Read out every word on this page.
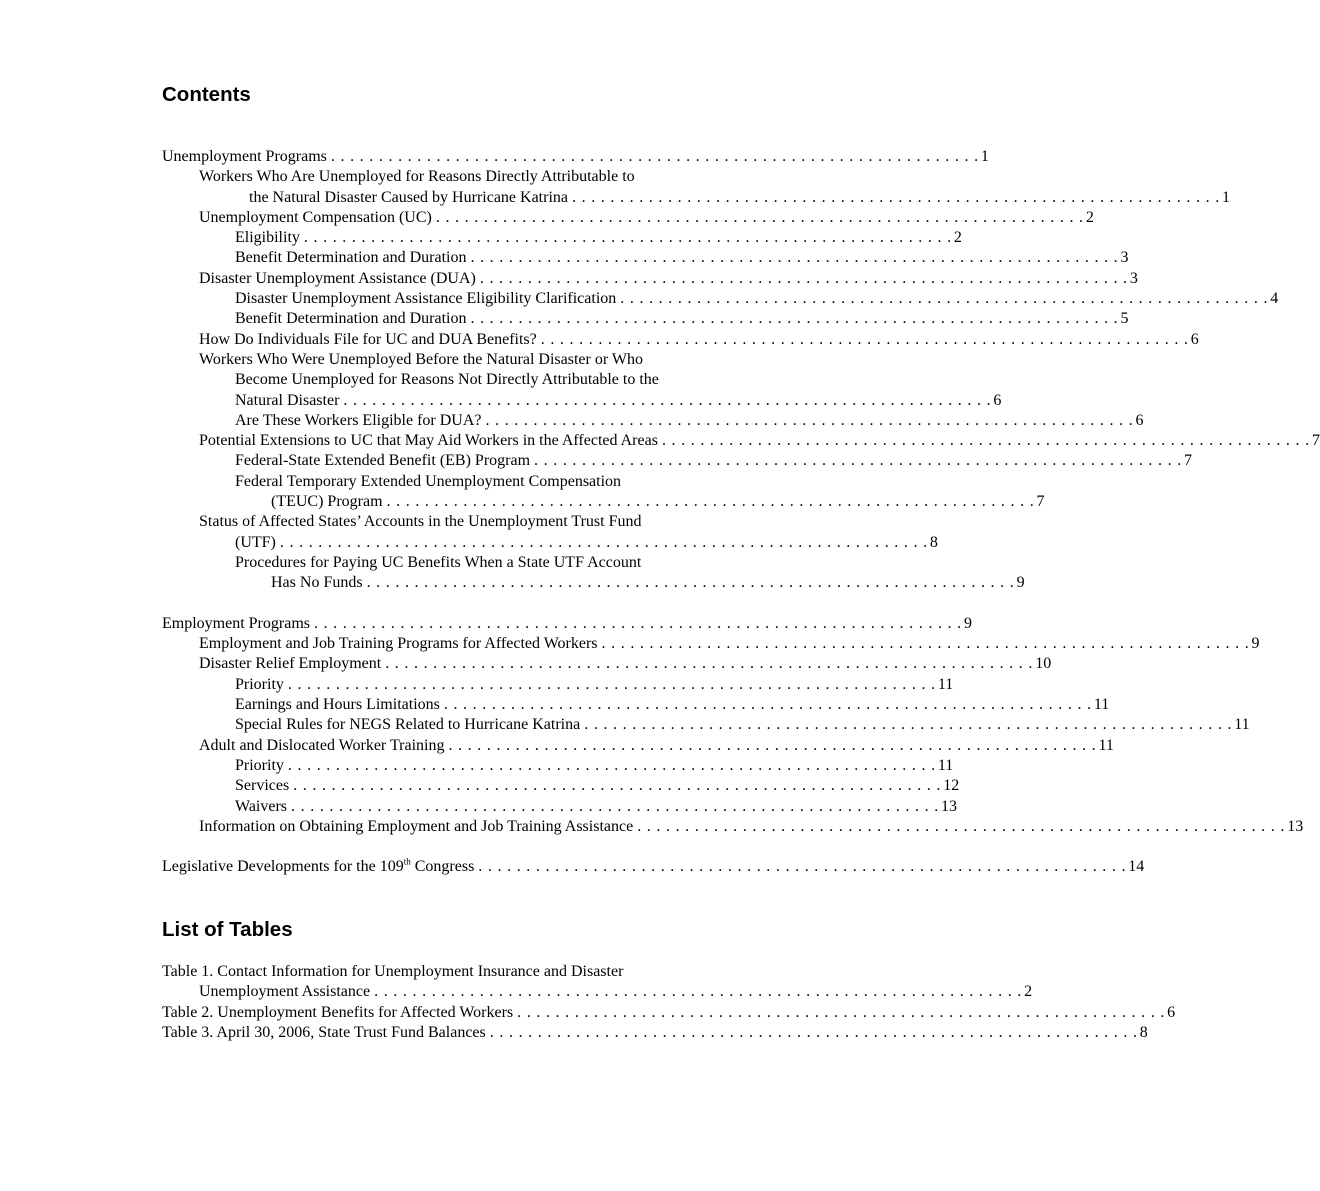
Contents
Unemployment Programs . . . . . . . . . . . . . . . . . . . . . . . . . . . . . . . . . . . . . . . . . . . . . . . . . . . . . . . . . . . . . . . . . . . . 1
Workers Who Are Unemployed for Reasons Directly Attributable to
the Natural Disaster Caused by Hurricane Katrina . . . . . . . . . . . . . . . . . . . . . . . . . . . . . . . . . . . . . . . . . . . . . . . . . . . . . . . . . . . . . . . . . . . . 1
Unemployment Compensation (UC) . . . . . . . . . . . . . . . . . . . . . . . . . . . . . . . . . . . . . . . . . . . . . . . . . . . . . . . . . . . . . . . . . . . . 2
Eligibility . . . . . . . . . . . . . . . . . . . . . . . . . . . . . . . . . . . . . . . . . . . . . . . . . . . . . . . . . . . . . . . . . . . . 2
Benefit Determination and Duration . . . . . . . . . . . . . . . . . . . . . . . . . . . . . . . . . . . . . . . . . . . . . . . . . . . . . . . . . . . . . . . . . . . . 3
Disaster Unemployment Assistance (DUA) . . . . . . . . . . . . . . . . . . . . . . . . . . . . . . . . . . . . . . . . . . . . . . . . . . . . . . . . . . . . . . . . . . . . 3
Disaster Unemployment Assistance Eligibility Clarification . . . . . . . . . . . . . . . . . . . . . . . . . . . . . . . . . . . . . . . . . . . . . . . . . . . . . . . . . . . . . . . . . . . . 4
Benefit Determination and Duration . . . . . . . . . . . . . . . . . . . . . . . . . . . . . . . . . . . . . . . . . . . . . . . . . . . . . . . . . . . . . . . . . . . . 5
How Do Individuals File for UC and DUA Benefits? . . . . . . . . . . . . . . . . . . . . . . . . . . . . . . . . . . . . . . . . . . . . . . . . . . . . . . . . . . . . . . . . . . . . 6
Workers Who Were Unemployed Before the Natural Disaster or Who
Become Unemployed for Reasons Not Directly Attributable to the
Natural Disaster . . . . . . . . . . . . . . . . . . . . . . . . . . . . . . . . . . . . . . . . . . . . . . . . . . . . . . . . . . . . . . . . . . . . 6
Are These Workers Eligible for DUA? . . . . . . . . . . . . . . . . . . . . . . . . . . . . . . . . . . . . . . . . . . . . . . . . . . . . . . . . . . . . . . . . . . . . 6
Potential Extensions to UC that May Aid Workers in the Affected Areas . . . . . . . . . . . . . . . . . . . . . . . . . . . . . . . . . . . . . . . . . . . . . . . . . . . . . . . . . . . . . . . . . . . . 7
Federal-State Extended Benefit (EB) Program . . . . . . . . . . . . . . . . . . . . . . . . . . . . . . . . . . . . . . . . . . . . . . . . . . . . . . . . . . . . . . . . . . . . 7
Federal Temporary Extended Unemployment Compensation
(TEUC) Program . . . . . . . . . . . . . . . . . . . . . . . . . . . . . . . . . . . . . . . . . . . . . . . . . . . . . . . . . . . . . . . . . . . . 7
Status of Affected States’ Accounts in the Unemployment Trust Fund
(UTF) . . . . . . . . . . . . . . . . . . . . . . . . . . . . . . . . . . . . . . . . . . . . . . . . . . . . . . . . . . . . . . . . . . . . 8
Procedures for Paying UC Benefits When a State UTF Account
Has No Funds . . . . . . . . . . . . . . . . . . . . . . . . . . . . . . . . . . . . . . . . . . . . . . . . . . . . . . . . . . . . . . . . . . . . 9
Employment Programs . . . . . . . . . . . . . . . . . . . . . . . . . . . . . . . . . . . . . . . . . . . . . . . . . . . . . . . . . . . . . . . . . . . . 9
Employment and Job Training Programs for Affected Workers . . . . . . . . . . . . . . . . . . . . . . . . . . . . . . . . . . . . . . . . . . . . . . . . . . . . . . . . . . . . . . . . . . . . 9
Disaster Relief Employment . . . . . . . . . . . . . . . . . . . . . . . . . . . . . . . . . . . . . . . . . . . . . . . . . . . . . . . . . . . . . . . . . . . . 10
Priority . . . . . . . . . . . . . . . . . . . . . . . . . . . . . . . . . . . . . . . . . . . . . . . . . . . . . . . . . . . . . . . . . . . . 11
Earnings and Hours Limitations . . . . . . . . . . . . . . . . . . . . . . . . . . . . . . . . . . . . . . . . . . . . . . . . . . . . . . . . . . . . . . . . . . . . 11
Special Rules for NEGS Related to Hurricane Katrina . . . . . . . . . . . . . . . . . . . . . . . . . . . . . . . . . . . . . . . . . . . . . . . . . . . . . . . . . . . . . . . . . . . . 11
Adult and Dislocated Worker Training . . . . . . . . . . . . . . . . . . . . . . . . . . . . . . . . . . . . . . . . . . . . . . . . . . . . . . . . . . . . . . . . . . . . 11
Priority . . . . . . . . . . . . . . . . . . . . . . . . . . . . . . . . . . . . . . . . . . . . . . . . . . . . . . . . . . . . . . . . . . . . 11
Services . . . . . . . . . . . . . . . . . . . . . . . . . . . . . . . . . . . . . . . . . . . . . . . . . . . . . . . . . . . . . . . . . . . . 12
Waivers . . . . . . . . . . . . . . . . . . . . . . . . . . . . . . . . . . . . . . . . . . . . . . . . . . . . . . . . . . . . . . . . . . . . 13
Information on Obtaining Employment and Job Training Assistance . . . . . . . . . . . . . . . . . . . . . . . . . . . . . . . . . . . . . . . . . . . . . . . . . . . . . . . . . . . . . . . . . . . . 13
Legislative Developments for the 109th Congress . . . . . . . . . . . . . . . . . . . . . . . . . . . . . . . . . . . . . . . . . . . . . . . . . . . . . . . . . . . . . . . . . . . . 14
List of Tables
Table 1. Contact Information for Unemployment Insurance and Disaster
Unemployment Assistance . . . . . . . . . . . . . . . . . . . . . . . . . . . . . . . . . . . . . . . . . . . . . . . . . . . . . . . . . . . . . . . . . . . . 2
Table 2. Unemployment Benefits for Affected Workers . . . . . . . . . . . . . . . . . . . . . . . . . . . . . . . . . . . . . . . . . . . . . . . . . . . . . . . . . . . . . . . . . . . . 6
Table 3. April 30, 2006, State Trust Fund Balances . . . . . . . . . . . . . . . . . . . . . . . . . . . . . . . . . . . . . . . . . . . . . . . . . . . . . . . . . . . . . . . . . . . . 8
